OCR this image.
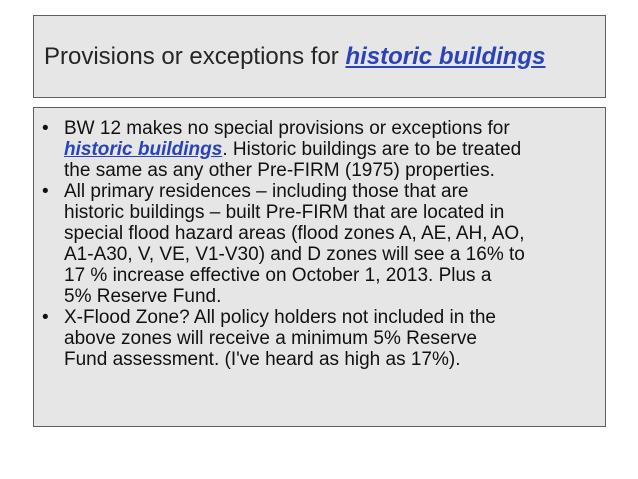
Provisions or exceptions for historic buildings
• BW 12 makes no special provisions or exceptions for
historic buildings. Historic buildings are to be treated
the same as any other Pre-FIRM (1975) properties.
• All primary residences – including those that are
historic buildings – built Pre-FIRM that are located in
special flood hazard areas (flood zones A, AE, AH, AO,
A1-A30, V, VE, V1-V30) and D zones will see a 16% to
17 % increase effective on October 1, 2013. Plus a
5% Reserve Fund.
• X-Flood Zone? All policy holders not included in the
above zones will receive a minimum 5% Reserve
Fund assessment. (I've heard as high as 17%).
